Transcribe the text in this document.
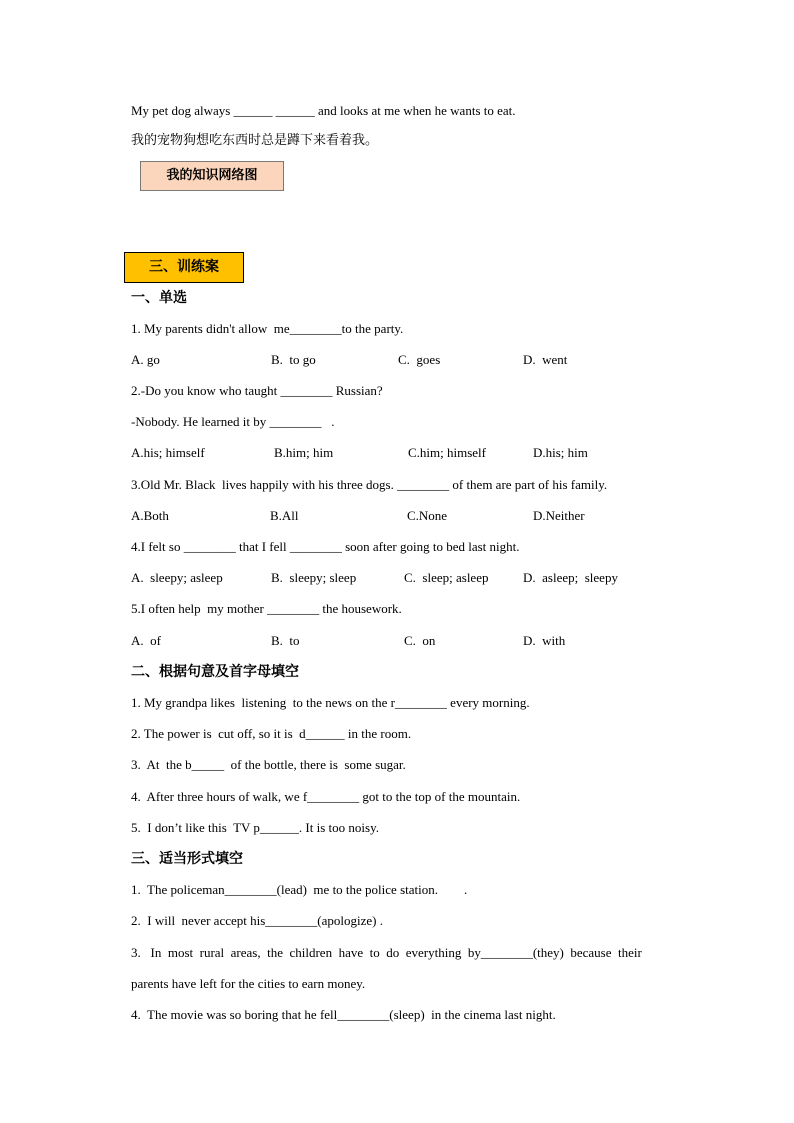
My pet dog always ______ ______ and looks at me when he wants to eat.
我的宠物狗想吃东西时总是蹲下来看着我。
我的知识网络图
三、训练案
一、单选
1. My parents didn't allow  me________to the party.
A. go	B.  to go	C.  goes	D.  went
2.-Do you know who taught ________ Russian?
-Nobody. He learned it by ________   .
A.his; himself	B.him; him	C.him; himself	D.his; him
3.Old Mr. Black  lives happily with his three dogs. ________ of them are part of his family.
A.Both	B.All	C.None	D.Neither
4.I felt so ________ that I fell ________ soon after going to bed last night.
A.  sleepy; asleep	B.  sleepy; sleep	C.  sleep; asleep	D.  asleep;  sleepy
5.I often help  my mother ________ the housework.
A.  of	B.  to	C.  on	D.  with
二、根据句意及首字母填空
1. My grandpa likes  listening  to the news on the r________ every morning.
2. The power is  cut off, so it is  d______ in the room.
3.  At  the b_____  of the bottle, there is  some sugar.
4.  After three hours of walk, we f________ got to the top of the mountain.
5.  I don’t like this  TV p______. It is too noisy.
三、适当形式填空
1.  The policeman________(lead)  me to the police station.        .
2.  I will  never accept his________(apologize) .
3.   In  most  rural  areas,  the  children  have  to  do  everything  by________(they)  because  their
parents have left for the cities to earn money.
4.  The movie was so boring that he fell________(sleep)  in the cinema last night.
